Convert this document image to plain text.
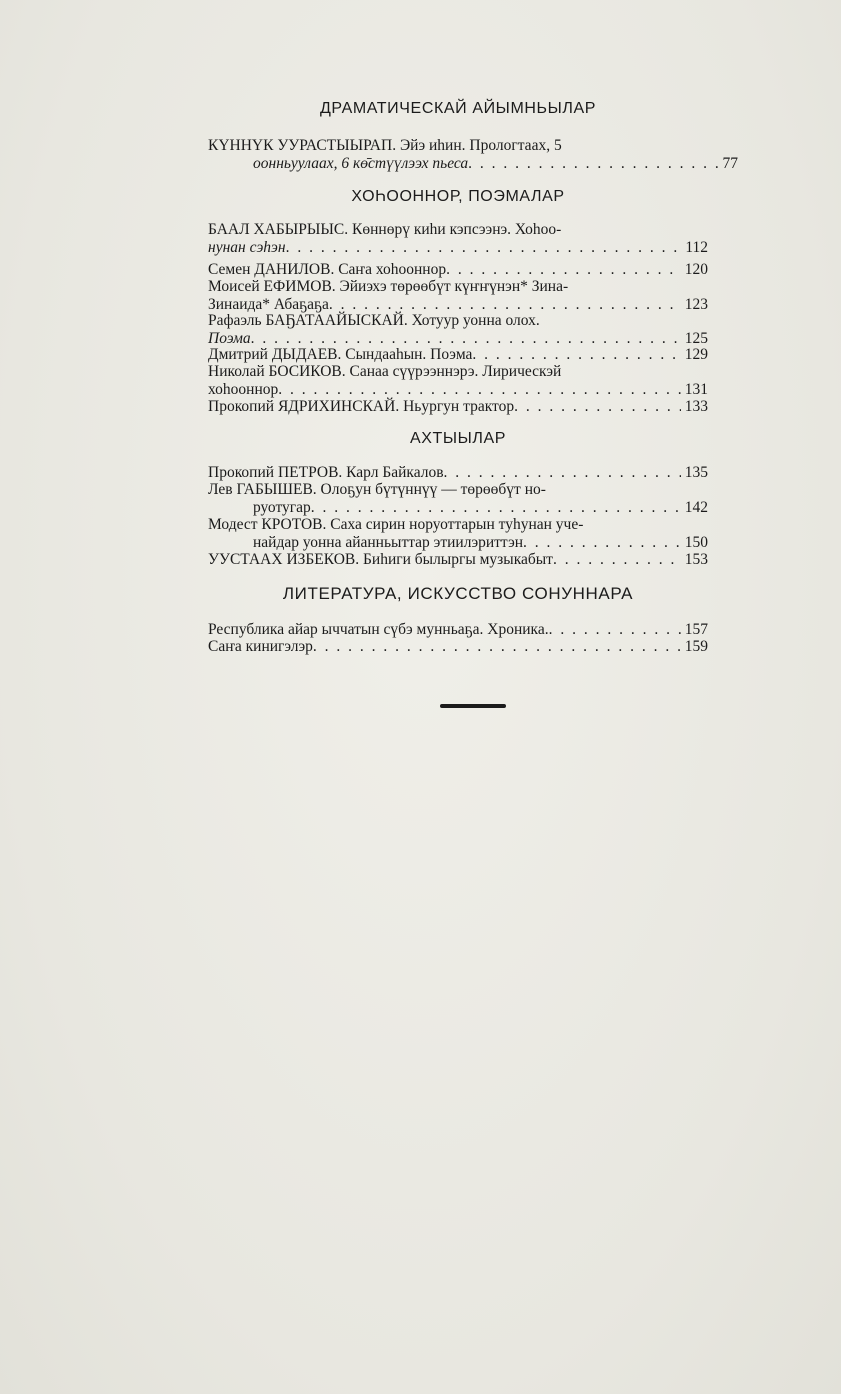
ДРАМАТИЧЕСКАЙ АЙЫМНЬЫЛАР

КҮННҮК УУРАСТЫЫРАП. Эйэ иhин. Прологтаах, 5
оонньуулаах, 6 кө̄стүүлээх пьеса . . .	77

ХОҺООННОР, ПОЭМАЛАР

БААЛ ХАБЫРЫЫС. Көннөрү киhи кэпсээнэ. Хоhоо-
нунан сэhэн . . .	112
Семен ДАНИЛОВ. Саҥа хоhооннор . . .	120
Моисей ЕФИМОВ. Эйиэхэ төрөөбүт күҥҥүнэн* Зина-
Зинаида* Абаҕаҕа . . .	123
Рафаэль БАҔАТААЙЫСКАЙ. Хотуур уонна олох.
Поэма . . .	125
Дмитрий ДЫДАЕВ. Сындааhын. Поэма . . .	129
Николай БОСИКОВ. Санаа сүүрээннэрэ. Лирическэй
хоhооннор . . .	131
Прокопий ЯДРИХИНСКАЙ. Ньургун трактор . . .	133

АХТЫЫЛАР

Прокопий ПЕТРОВ. Карл Байкалов . . .	135
Лев ГАБЫШЕВ. Олоҕун бүтүннүү — төрөөбүт но-
руотугар . . .	142
Модест КРОТОВ. Саха сирин норуоттарын туhунан уче-
найдар уонна айанньыттар этиилэриттэн . . .	150
УУСТААХ ИЗБЕКОВ. Биhиги былыргы музыкабыт . . .	153

ЛИТЕРАТУРА, ИСКУССТВО СОНУННАРА

Республика айар ыччатын сүбэ мунньаҕа. Хроника. . . .	157
Саҥа кинигэлэр . . .	159
